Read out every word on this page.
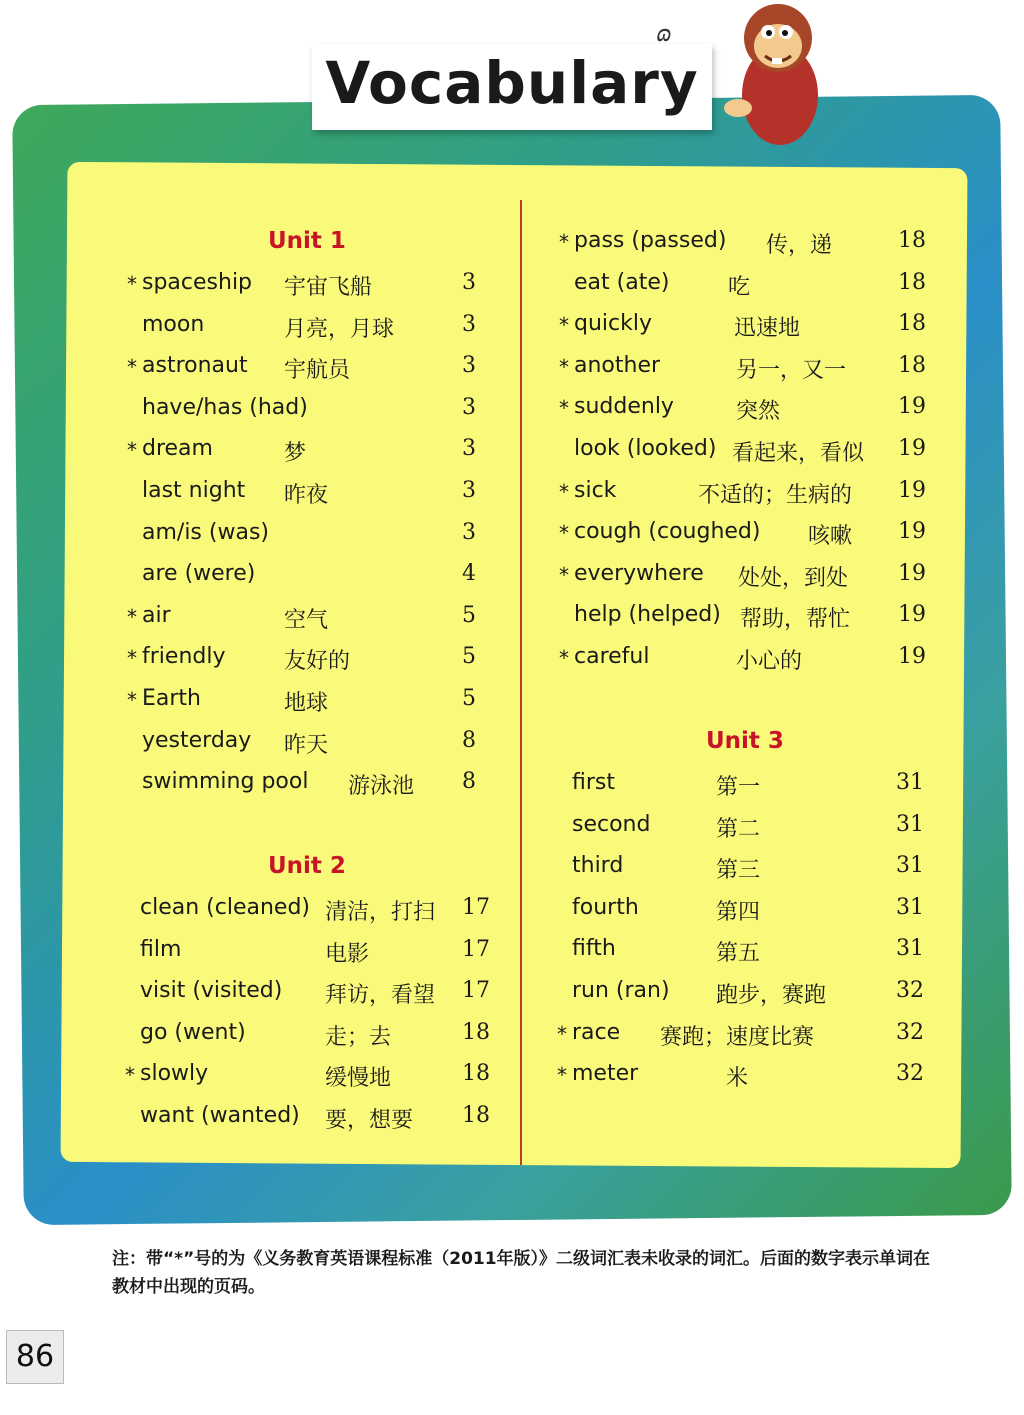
Vocabulary
ɷ
Unit 1
* spaceship 宇宙飞船	3
moon	月亮，月球	3
* astronaut 宇航员	3
have/has (had)	3
* dream	梦	3
last night 昨夜	3
am/is (was)	3
are (were)	4
* air	空气	5
* friendly	友好的	5
* Earth	地球	5
yesterday 昨天	8
swimming pool 游泳池 8
Unit 2
clean (cleaned) 清洁，打扫 17
film	电影	17
visit (visited) 拜访，看望 17
go (went)	走；去	18
* slowly	缓慢地	18
want (wanted) 要，想要 18
* pass (passed) 传，递	18
eat (ate)	吃	18
* quickly	迅速地	18
* another	另一，又一 18
* suddenly	突然	19
look (looked) 看起来，看似 19
* sick	不适的；生病的 19
* cough (coughed) 咳嗽 19
* everywhere 处处，到处 19
help (helped) 帮助，帮忙 19
* careful	小心的	19
Unit 3
first	第一	31
second	第二	31
third	第三	31
fourth	第四	31
fifth	第五	31
run (ran) 跑步，赛跑	32
* race 赛跑；速度比赛	32
* meter	米	32
注：带“*”号的为《义务教育英语课程标准（2011年版）》二级词汇表未收录的词汇。后面的数字表示单词在教材中出现的页码。
86
